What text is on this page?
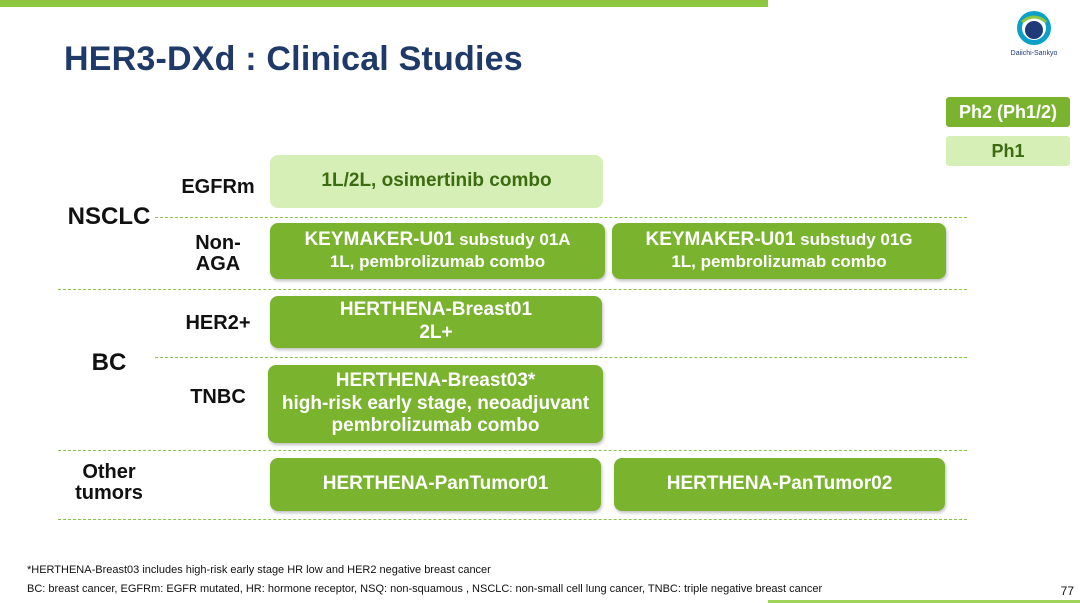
Daiichi-Sankyo
HER3-DXd : Clinical Studies
Ph2 (Ph1/2)
Ph1
NSCLC
BC
Other
tumors
EGFRm
Non-
AGA
HER2+
TNBC
1L/2L, osimertinib combo
KEYMAKER-U01 substudy 01A
1L, pembrolizumab combo
KEYMAKER-U01 substudy 01G
1L, pembrolizumab combo
HERTHENA-Breast01
2L+
HERTHENA-Breast03*
high-risk early stage, neoadjuvant
pembrolizumab combo
HERTHENA-PanTumor01	HERTHENA-PanTumor02
*HERTHENA-Breast03 includes high-risk early stage HR low and HER2 negative breast cancer
BC: breast cancer, EGFRm: EGFR mutated, HR: hormone receptor, NSQ: non-squamous , NSCLC: non-small cell lung cancer, TNBC: triple negative breast cancer	77
